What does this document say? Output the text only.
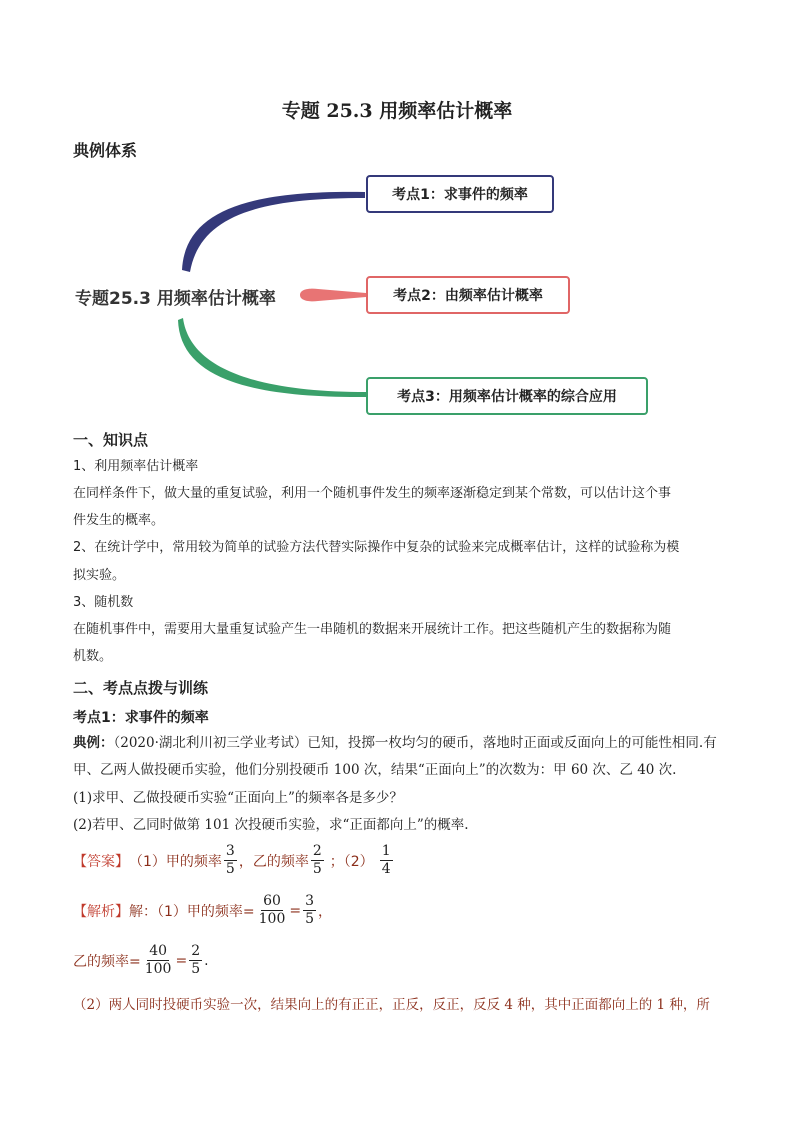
专题 25.3 用频率估计概率
典例体系
专题25.3 用频率估计概率
考点1：求事件的频率
考点2：由频率估计概率
考点3：用频率估计概率的综合应用
一、知识点
1、利用频率估计概率
在同样条件下，做大量的重复试验，利用一个随机事件发生的频率逐渐稳定到某个常数，可以估计这个事
件发生的概率。
2、在统计学中，常用较为简单的试验方法代替实际操作中复杂的试验来完成概率估计，这样的试验称为模
拟实验。
3、随机数
在随机事件中，需要用大量重复试验产生一串随机的数据来开展统计工作。把这些随机产生的数据称为随
机数。
二、考点点拨与训练
考点1：求事件的频率
典例：（2020·湖北利川初三学业考试）已知，投掷一枚均匀的硬币，落地时正面或反面向上的可能性相同.有
甲、乙两人做投硬币实验，他们分别投硬币 100 次，结果“正面向上”的次数为：甲 60 次、乙 40 次.
(1)求甲、乙做投硬币实验“正面向上”的频率各是多少？
(2)若甲、乙同时做第 101 次投硬币实验，求“正面都向上”的概率.
【答案】 （1）甲的频率 $\frac{3}{5}$ ，乙的频率 $\frac{2}{5}$ ；$(2) \frac{1}{4}$
【解析】 解：（1）甲的频率= $\frac{60}{100} = \frac{3}{5}$ ，
乙的频率= $\frac{40}{100} = \frac{2}{5}$ .
（2）两人同时投硬币实验一次，结果向上的有正正，正反，反正，反反 4 种，其中正面都向上的 1 种，所
